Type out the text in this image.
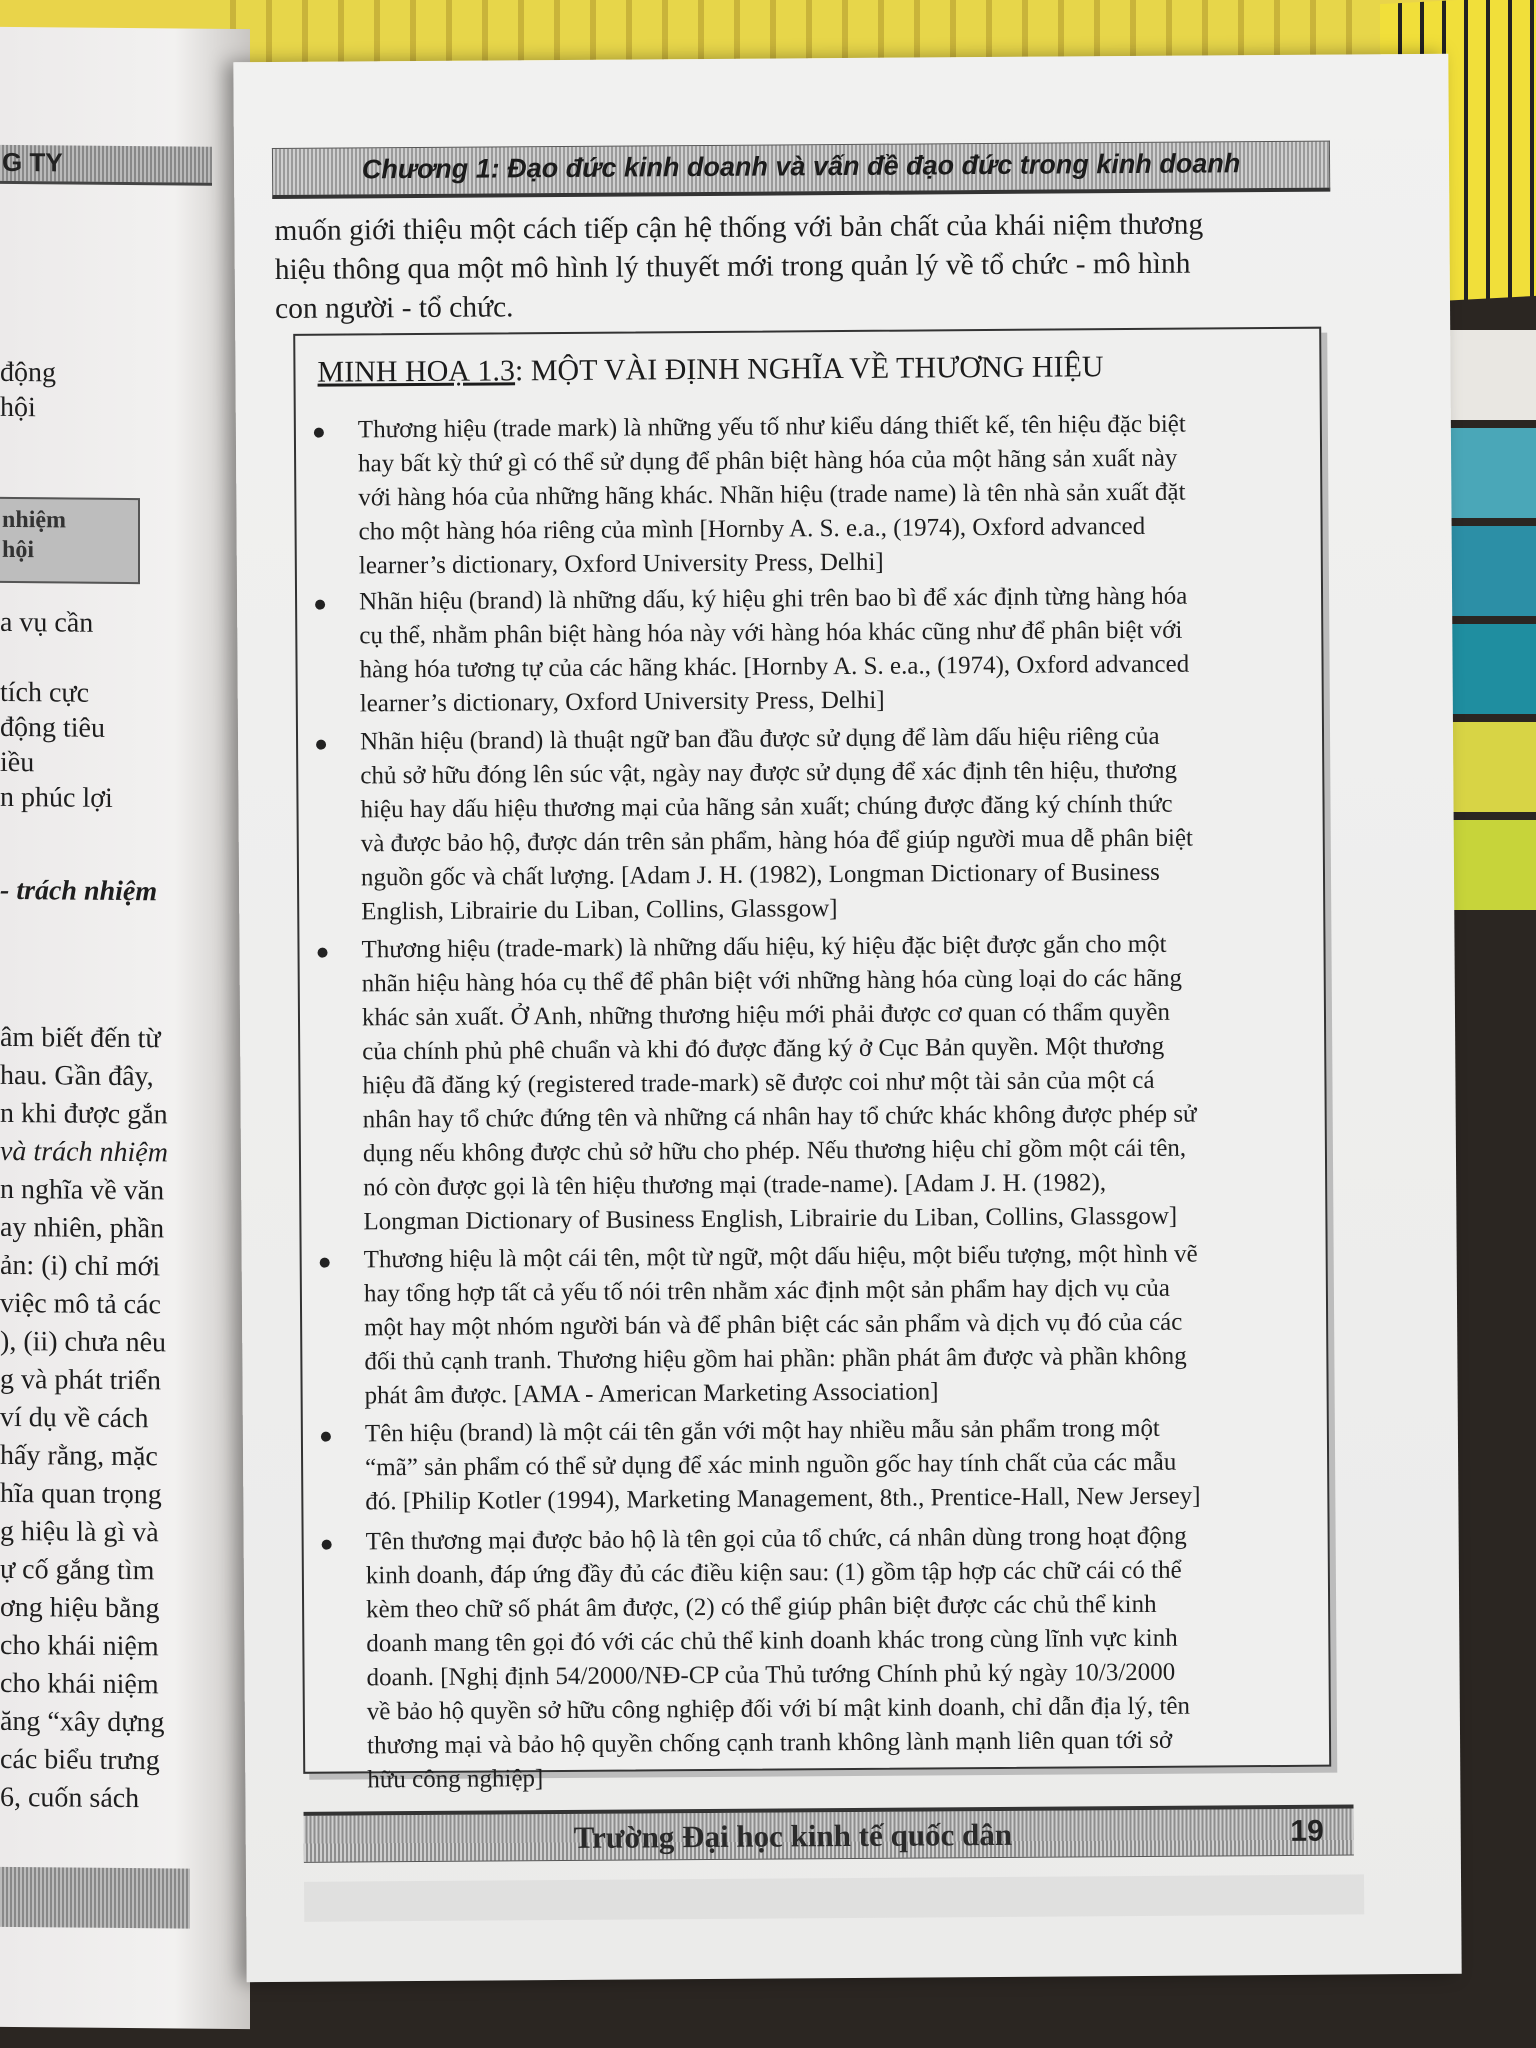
G TY
nhiệm
hội
động
hội
a vụ cần
tích cực
động tiêu
iều
n phúc lợi
- trách nhiệm
âm biết đến từ
hau. Gần đây,
n khi được gắn
và trách nhiệm
n nghĩa về văn
ay nhiên, phần
ản: (i) chỉ mới
việc mô tả các
), (ii) chưa nêu
g và phát triển
ví dụ về cách
hấy rằng, mặc
hĩa quan trọng
g hiệu là gì và
ự cố gắng tìm
ơng hiệu bằng
cho khái niệm
cho khái niệm
ăng “xây dựng
các biểu trưng
6, cuốn sách
Chương 1: Đạo đức kinh doanh và vấn đề đạo đức trong kinh doanh
muốn giới thiệu một cách tiếp cận hệ thống với bản chất của khái niệm thương
hiệu thông qua một mô hình lý thuyết mới trong quản lý về tổ chức - mô hình
con người - tổ chức.
MINH HOẠ 1.3: MỘT VÀI ĐỊNH NGHĨA VỀ THƯƠNG HIỆU
Thương hiệu (trade mark) là những yếu tố như kiểu dáng thiết kế, tên hiệu đặc biệt
hay bất kỳ thứ gì có thể sử dụng để phân biệt hàng hóa của một hãng sản xuất này
với hàng hóa của những hãng khác. Nhãn hiệu (trade name) là tên nhà sản xuất đặt
cho một hàng hóa riêng của mình [Hornby A. S. e.a., (1974), Oxford advanced
learner’s dictionary, Oxford University Press, Delhi]
Nhãn hiệu (brand) là những dấu, ký hiệu ghi trên bao bì để xác định từng hàng hóa
cụ thể, nhằm phân biệt hàng hóa này với hàng hóa khác cũng như để phân biệt với
hàng hóa tương tự của các hãng khác. [Hornby A. S. e.a., (1974), Oxford advanced
learner’s dictionary, Oxford University Press, Delhi]
Nhãn hiệu (brand) là thuật ngữ ban đầu được sử dụng để làm dấu hiệu riêng của
chủ sở hữu đóng lên súc vật, ngày nay được sử dụng để xác định tên hiệu, thương
hiệu hay dấu hiệu thương mại của hãng sản xuất; chúng được đăng ký chính thức
và được bảo hộ, được dán trên sản phẩm, hàng hóa để giúp người mua dễ phân biệt
nguồn gốc và chất lượng. [Adam J. H. (1982), Longman Dictionary of Business
English, Librairie du Liban, Collins, Glassgow]
Thương hiệu (trade-mark) là những dấu hiệu, ký hiệu đặc biệt được gắn cho một
nhãn hiệu hàng hóa cụ thể để phân biệt với những hàng hóa cùng loại do các hãng
khác sản xuất. Ở Anh, những thương hiệu mới phải được cơ quan có thẩm quyền
của chính phủ phê chuẩn và khi đó được đăng ký ở Cục Bản quyền. Một thương
hiệu đã đăng ký (registered trade-mark) sẽ được coi như một tài sản của một cá
nhân hay tổ chức đứng tên và những cá nhân hay tổ chức khác không được phép sử
dụng nếu không được chủ sở hữu cho phép. Nếu thương hiệu chỉ gồm một cái tên,
nó còn được gọi là tên hiệu thương mại (trade-name). [Adam J. H. (1982),
Longman Dictionary of Business English, Librairie du Liban, Collins, Glassgow]
Thương hiệu là một cái tên, một từ ngữ, một dấu hiệu, một biểu tượng, một hình vẽ
hay tổng hợp tất cả yếu tố nói trên nhằm xác định một sản phẩm hay dịch vụ của
một hay một nhóm người bán và để phân biệt các sản phẩm và dịch vụ đó của các
đối thủ cạnh tranh. Thương hiệu gồm hai phần: phần phát âm được và phần không
phát âm được. [AMA - American Marketing Association]
Tên hiệu (brand) là một cái tên gắn với một hay nhiều mẫu sản phẩm trong một
“mã” sản phẩm có thể sử dụng để xác minh nguồn gốc hay tính chất của các mẫu
đó. [Philip Kotler (1994), Marketing Management, 8th., Prentice-Hall, New Jersey]
Tên thương mại được bảo hộ là tên gọi của tổ chức, cá nhân dùng trong hoạt động
kinh doanh, đáp ứng đầy đủ các điều kiện sau: (1) gồm tập hợp các chữ cái có thể
kèm theo chữ số phát âm được, (2) có thể giúp phân biệt được các chủ thể kinh
doanh mang tên gọi đó với các chủ thể kinh doanh khác trong cùng lĩnh vực kinh
doanh. [Nghị định 54/2000/NĐ-CP của Thủ tướng Chính phủ ký ngày 10/3/2000
về bảo hộ quyền sở hữu công nghiệp đối với bí mật kinh doanh, chỉ dẫn địa lý, tên
thương mại và bảo hộ quyền chống cạnh tranh không lành mạnh liên quan tới sở
hữu công nghiệp]
Trường Đại học kinh tế quốc dân	19
